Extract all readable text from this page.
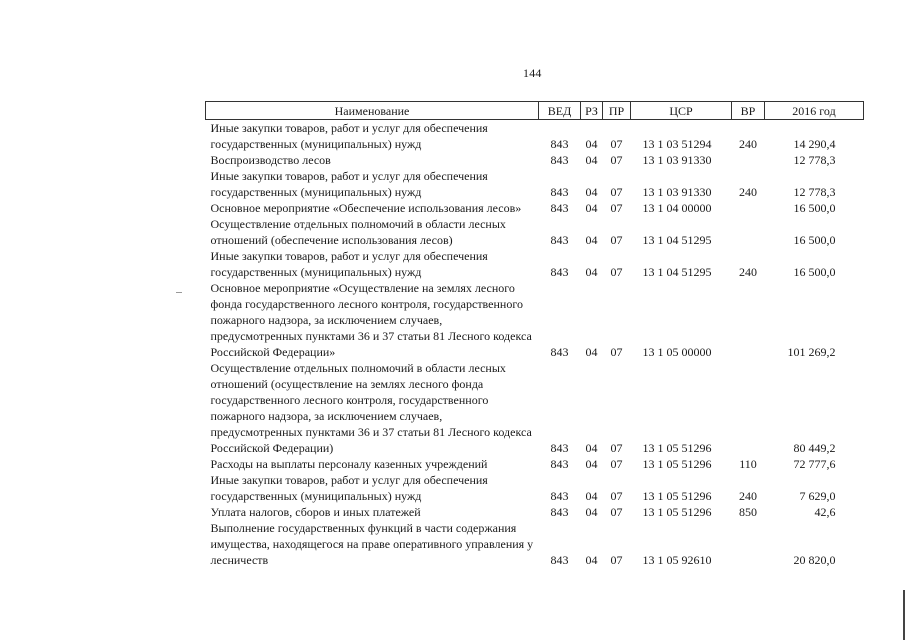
144
Наименование	ВЕД	РЗ	ПР	ЦСР	ВР	2016 год
Иные закупки товаров, работ и услуг для обеспечения государственных (муниципальных) нужд	843	04	07	13 1 03 51294	240	14 290,4
Воспроизводство лесов	843	04	07	13 1 03 91330		12 778,3
Иные закупки товаров, работ и услуг для обеспечения государственных (муниципальных) нужд	843	04	07	13 1 03 91330	240	12 778,3
Основное мероприятие «Обеспечение использования лесов»	843	04	07	13 1 04 00000		16 500,0
Осуществление отдельных полномочий в области лесных отношений (обеспечение использования лесов)	843	04	07	13 1 04 51295		16 500,0
Иные закупки товаров, работ и услуг для обеспечения государственных (муниципальных) нужд	843	04	07	13 1 04 51295	240	16 500,0
Основное мероприятие «Осуществление на землях лесного фонда государственного лесного контроля, государственного пожарного надзора, за исключением случаев, предусмотренных пунктами 36 и 37 статьи 81 Лесного кодекса Российской Федерации»	843	04	07	13 1 05 00000		101 269,2
Осуществление отдельных полномочий в области лесных отношений (осуществление на землях лесного фонда государственного лесного контроля, государственного пожарного надзора, за исключением случаев, предусмотренных пунктами 36 и 37 статьи 81 Лесного кодекса Российской Федерации)	843	04	07	13 1 05 51296		80 449,2
Расходы на выплаты персоналу казенных учреждений	843	04	07	13 1 05 51296	110	72 777,6
Иные закупки товаров, работ и услуг для обеспечения государственных (муниципальных) нужд	843	04	07	13 1 05 51296	240	7 629,0
Уплата налогов, сборов и иных платежей	843	04	07	13 1 05 51296	850	42,6
Выполнение государственных функций в части содержания имущества, находящегося на праве оперативного управления у лесничеств	843	04	07	13 1 05 92610		20 820,0
